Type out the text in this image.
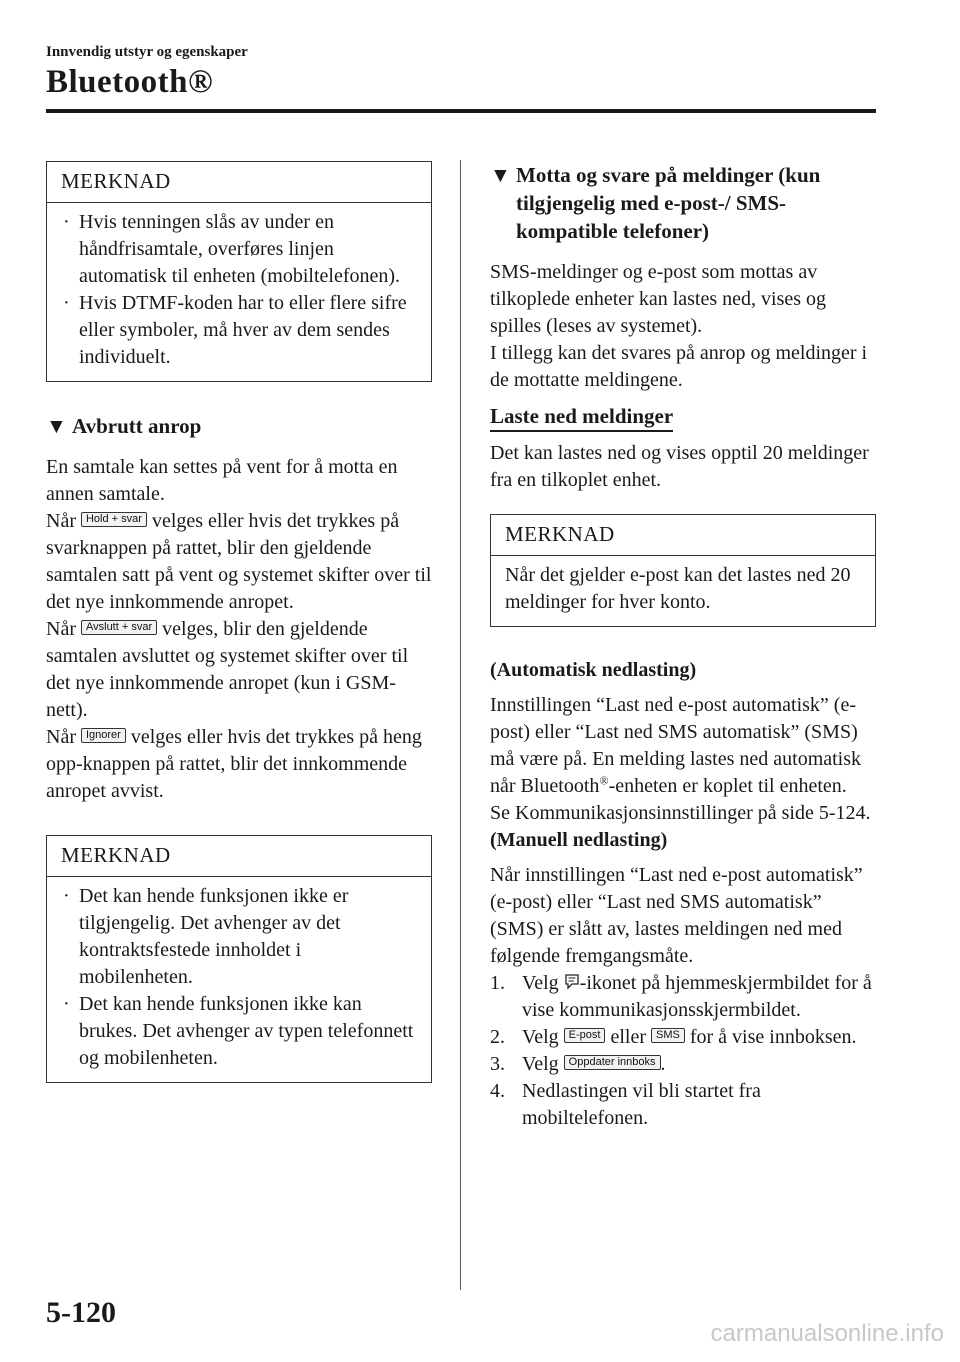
Innvendig utstyr og egenskaper
Bluetooth®
MERKNAD
· Hvis tenningen slås av under en håndfrisamtale, overføres linjen automatisk til enheten (mobiltelefonen).
· Hvis DTMF-koden har to eller flere sifre eller symboler, må hver av dem sendes individuelt.
▼ Avbrutt anrop

En samtale kan settes på vent for å motta en annen samtale.

Når Hold + svar velges eller hvis det trykkes på svarknappen på rattet, blir den gjeldende samtalen satt på vent og systemet skifter over til det nye innkommende anropet.

Når Avslutt + svar velges, blir den gjeldende samtalen avsluttet og systemet skifter over til det nye innkommende anropet (kun i GSM-nett).

Når Ignorer velges eller hvis det trykkes på heng opp-knappen på rattet, blir det innkommende anropet avvist.

MERKNAD
· Det kan hende funksjonen ikke er tilgjengelig. Det avhenger av det kontraktsfestede innholdet i mobilenheten.
· Det kan hende funksjonen ikke kan brukes. Det avhenger av typen telefonnett og mobilenheten.
▼ Motta og svare på meldinger (kun tilgjengelig med e-post-/ SMS-kompatible telefoner)

SMS-meldinger og e-post som mottas av tilkoplede enheter kan lastes ned, vises og spilles (leses av systemet).

I tillegg kan det svares på anrop og meldinger i de mottatte meldingene.

Laste ned meldinger

Det kan lastes ned og vises opptil 20 meldinger fra en tilkoplet enhet.

MERKNAD

Når det gjelder e-post kan det lastes ned 20 meldinger for hver konto.

(Automatisk nedlasting)

Innstillingen “Last ned e-post automatisk” (e-post) eller “Last ned SMS automatisk” (SMS) må være på. En melding lastes ned automatisk når Bluetooth®-enheten er koplet til enheten.

Se Kommunikasjonsinnstillinger på side 5-124.

(Manuell nedlasting)

Når innstillingen “Last ned e-post automatisk” (e-post) eller “Last ned SMS automatisk” (SMS) er slått av, lastes meldingen ned med følgende fremgangsmåte.

1. Velg -ikonet på hjemmeskjermbildet for å vise kommunikasjonsskjermbildet.
2. Velg E-post eller SMS for å vise innboksen.
3. Velg Oppdater innboks .
4. Nedlastingen vil bli startet fra mobiltelefonen.
5-120
carmanualsonline.info
